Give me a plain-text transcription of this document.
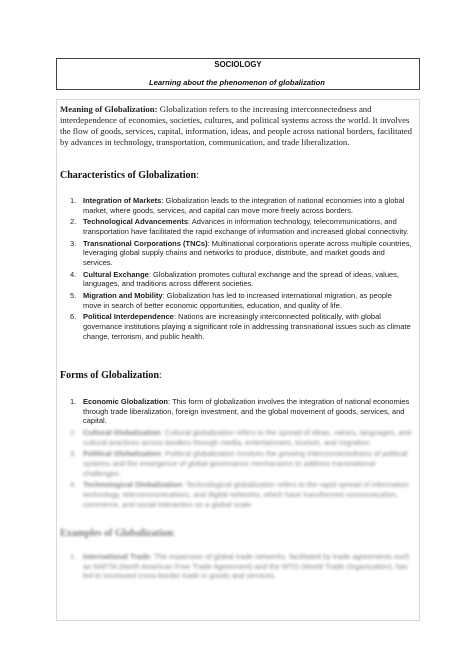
SOCIOLOGY
Learning about the phenomenon of globalization
Meaning of Globalization: Globalization refers to the increasing interconnectedness and interdependence of economies, societies, cultures, and political systems across the world. It involves the flow of goods, services, capital, information, ideas, and people across national borders, facilitated by advances in technology, transportation, communication, and trade liberalization.
Characteristics of Globalization:
1. Integration of Markets: Globalization leads to the integration of national economies into a global market, where goods, services, and capital can move more freely across borders.
2. Technological Advancements: Advances in information technology, telecommunications, and transportation have facilitated the rapid exchange of information and increased global connectivity.
3. Transnational Corporations (TNCs): Multinational corporations operate across multiple countries, leveraging global supply chains and networks to produce, distribute, and market goods and services.
4. Cultural Exchange: Globalization promotes cultural exchange and the spread of ideas, values, languages, and traditions across different societies.
5. Migration and Mobility: Globalization has led to increased international migration, as people move in search of better economic opportunities, education, and quality of life.
6. Political Interdependence: Nations are increasingly interconnected politically, with global governance institutions playing a significant role in addressing transnational issues such as climate change, terrorism, and public health.
Forms of Globalization:
1. Economic Globalization: This form of globalization involves the integration of national economies through trade liberalization, foreign investment, and the global movement of goods, services, and capital.
2. Cultural Globalization: Cultural globalization refers to the spread of ideas, values, languages, and cultural practices across borders through media, entertainment, tourism, and migration.
3. Political Globalization: Political globalization involves the growing interconnectedness of political systems and the emergence of global governance mechanisms to address transnational challenges.
4. Technological Globalization: Technological globalization refers to the rapid spread of information technology, telecommunications, and digital networks, which have transformed communication, commerce, and social interaction on a global scale.
Examples of Globalization:
1. International Trade: The expansion of global trade networks, facilitated by trade agreements such as NAFTA (North American Free Trade Agreement) and the WTO (World Trade Organization), has led to increased cross-border trade in goods and services.
